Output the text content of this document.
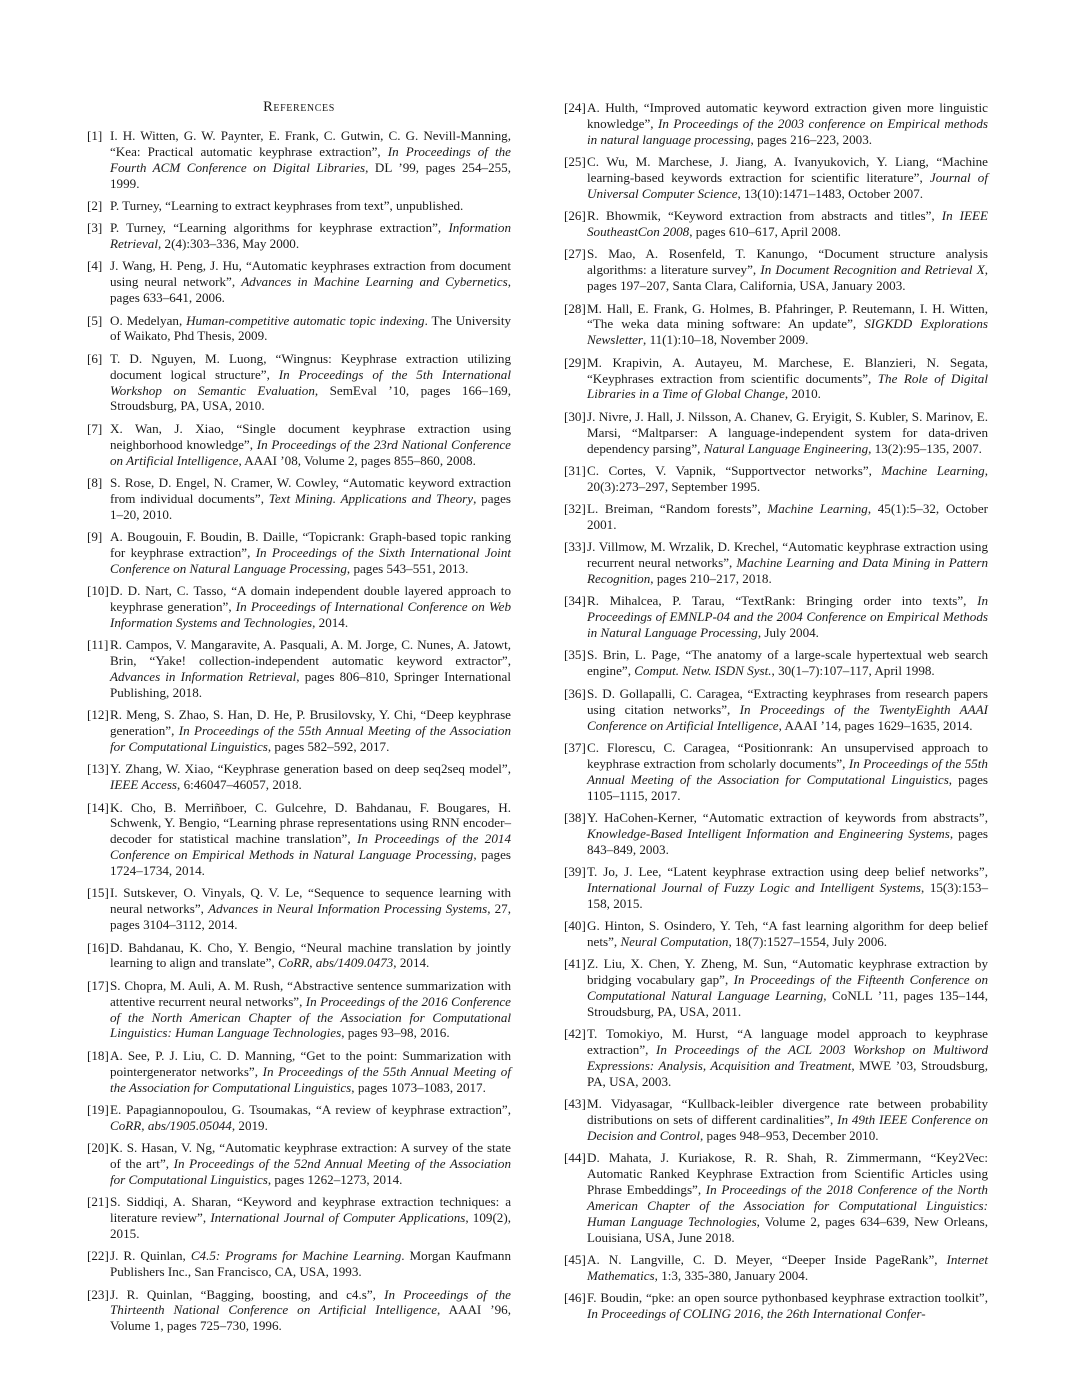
References
[1] I. H. Witten, G. W. Paynter, E. Frank, C. Gutwin, C. G. Nevill-Manning, “Kea: Practical automatic keyphrase extraction”, In Proceedings of the Fourth ACM Conference on Digital Libraries, DL ’99, pages 254–255, 1999.
[2] P. Turney, “Learning to extract keyphrases from text”, unpublished.
[3] P. Turney, “Learning algorithms for keyphrase extraction”, Information Retrieval, 2(4):303–336, May 2000.
[4] J. Wang, H. Peng, J. Hu, “Automatic keyphrases extraction from document using neural network”, Advances in Machine Learning and Cybernetics, pages 633–641, 2006.
[5] O. Medelyan, Human-competitive automatic topic indexing. The University of Waikato, Phd Thesis, 2009.
[6] T. D. Nguyen, M. Luong, “Wingnus: Keyphrase extraction utilizing document logical structure”, In Proceedings of the 5th International Workshop on Semantic Evaluation, SemEval ’10, pages 166–169, Stroudsburg, PA, USA, 2010.
[7] X. Wan, J. Xiao, “Single document keyphrase extraction using neighborhood knowledge”, In Proceedings of the 23rd National Conference on Artificial Intelligence, AAAI ’08, Volume 2, pages 855–860, 2008.
[8] S. Rose, D. Engel, N. Cramer, W. Cowley, “Automatic keyword extraction from individual documents”, Text Mining. Applications and Theory, pages 1–20, 2010.
[9] A. Bougouin, F. Boudin, B. Daille, “Topicrank: Graph-based topic ranking for keyphrase extraction”, In Proceedings of the Sixth International Joint Conference on Natural Language Processing, pages 543–551, 2013.
[10] D. D. Nart, C. Tasso, “A domain independent double layered approach to keyphrase generation”, In Proceedings of International Conference on Web Information Systems and Technologies, 2014.
[11] R. Campos, V. Mangaravite, A. Pasquali, A. M. Jorge, C. Nunes, A. Jatowt, Brin, “Yake! collection-independent automatic keyword extractor”, Advances in Information Retrieval, pages 806–810, Springer International Publishing, 2018.
[12] R. Meng, S. Zhao, S. Han, D. He, P. Brusilovsky, Y. Chi, “Deep keyphrase generation”, In Proceedings of the 55th Annual Meeting of the Association for Computational Linguistics, pages 582–592, 2017.
[13] Y. Zhang, W. Xiao, “Keyphrase generation based on deep seq2seq model”, IEEE Access, 6:46047–46057, 2018.
[14] K. Cho, B. Merriñboer, C. Gulcehre, D. Bahdanau, F. Bougares, H. Schwenk, Y. Bengio, “Learning phrase representations using RNN encoder–decoder for statistical machine translation”, In Proceedings of the 2014 Conference on Empirical Methods in Natural Language Processing, pages 1724–1734, 2014.
[15] I. Sutskever, O. Vinyals, Q. V. Le, “Sequence to sequence learning with neural networks”, Advances in Neural Information Processing Systems, 27, pages 3104–3112, 2014.
[16] D. Bahdanau, K. Cho, Y. Bengio, “Neural machine translation by jointly learning to align and translate”, CoRR, abs/1409.0473, 2014.
[17] S. Chopra, M. Auli, A. M. Rush, “Abstractive sentence summarization with attentive recurrent neural networks”, In Proceedings of the 2016 Conference of the North American Chapter of the Association for Computational Linguistics: Human Language Technologies, pages 93–98, 2016.
[18] A. See, P. J. Liu, C. D. Manning, “Get to the point: Summarization with pointergenerator networks”, In Proceedings of the 55th Annual Meeting of the Association for Computational Linguistics, pages 1073–1083, 2017.
[19] E. Papagiannopoulou, G. Tsoumakas, “A review of keyphrase extraction”, CoRR, abs/1905.05044, 2019.
[20] K. S. Hasan, V. Ng, “Automatic keyphrase extraction: A survey of the state of the art”, In Proceedings of the 52nd Annual Meeting of the Association for Computational Linguistics, pages 1262–1273, 2014.
[21] S. Siddiqi, A. Sharan, “Keyword and keyphrase extraction techniques: a literature review”, International Journal of Computer Applications, 109(2), 2015.
[22] J. R. Quinlan, C4.5: Programs for Machine Learning. Morgan Kaufmann Publishers Inc., San Francisco, CA, USA, 1993.
[23] J. R. Quinlan, “Bagging, boosting, and c4.s”, In Proceedings of the Thirteenth National Conference on Artificial Intelligence, AAAI ’96, Volume 1, pages 725–730, 1996.
[24] A. Hulth, “Improved automatic keyword extraction given more linguistic knowledge”, In Proceedings of the 2003 conference on Empirical methods in natural language processing, pages 216–223, 2003.
[25] C. Wu, M. Marchese, J. Jiang, A. Ivanyukovich, Y. Liang, “Machine learning-based keywords extraction for scientific literature”, Journal of Universal Computer Science, 13(10):1471–1483, October 2007.
[26] R. Bhowmik, “Keyword extraction from abstracts and titles”, In IEEE SoutheastCon 2008, pages 610–617, April 2008.
[27] S. Mao, A. Rosenfeld, T. Kanungo, “Document structure analysis algorithms: a literature survey”, In Document Recognition and Retrieval X, pages 197–207, Santa Clara, California, USA, January 2003.
[28] M. Hall, E. Frank, G. Holmes, B. Pfahringer, P. Reutemann, I. H. Witten, “The weka data mining software: An update”, SIGKDD Explorations Newsletter, 11(1):10–18, November 2009.
[29] M. Krapivin, A. Autayeu, M. Marchese, E. Blanzieri, N. Segata, “Keyphrases extraction from scientific documents”, The Role of Digital Libraries in a Time of Global Change, 2010.
[30] J. Nivre, J. Hall, J. Nilsson, A. Chanev, G. Eryigit, S. Kubler, S. Marinov, E. Marsi, “Maltparser: A language-independent system for data-driven dependency parsing”, Natural Language Engineering, 13(2):95–135, 2007.
[31] C. Cortes, V. Vapnik, “Supportvector networks”, Machine Learning, 20(3):273–297, September 1995.
[32] L. Breiman, “Random forests”, Machine Learning, 45(1):5–32, October 2001.
[33] J. Villmow, M. Wrzalik, D. Krechel, “Automatic keyphrase extraction using recurrent neural networks”, Machine Learning and Data Mining in Pattern Recognition, pages 210–217, 2018.
[34] R. Mihalcea, P. Tarau, “TextRank: Bringing order into texts”, In Proceedings of EMNLP-04 and the 2004 Conference on Empirical Methods in Natural Language Processing, July 2004.
[35] S. Brin, L. Page, “The anatomy of a large-scale hypertextual web search engine”, Comput. Netw. ISDN Syst., 30(1–7):107–117, April 1998.
[36] S. D. Gollapalli, C. Caragea, “Extracting keyphrases from research papers using citation networks”, In Proceedings of the TwentyEighth AAAI Conference on Artificial Intelligence, AAAI ’14, pages 1629–1635, 2014.
[37] C. Florescu, C. Caragea, “Positionrank: An unsupervised approach to keyphrase extraction from scholarly documents”, In Proceedings of the 55th Annual Meeting of the Association for Computational Linguistics, pages 1105–1115, 2017.
[38] Y. HaCohen-Kerner, “Automatic extraction of keywords from abstracts”, Knowledge-Based Intelligent Information and Engineering Systems, pages 843–849, 2003.
[39] T. Jo, J. Lee, “Latent keyphrase extraction using deep belief networks”, International Journal of Fuzzy Logic and Intelligent Systems, 15(3):153–158, 2015.
[40] G. Hinton, S. Osindero, Y. Teh, “A fast learning algorithm for deep belief nets”, Neural Computation, 18(7):1527–1554, July 2006.
[41] Z. Liu, X. Chen, Y. Zheng, M. Sun, “Automatic keyphrase extraction by bridging vocabulary gap”, In Proceedings of the Fifteenth Conference on Computational Natural Language Learning, CoNLL ’11, pages 135–144, Stroudsburg, PA, USA, 2011.
[42] T. Tomokiyo, M. Hurst, “A language model approach to keyphrase extraction”, In Proceedings of the ACL 2003 Workshop on Multiword Expressions: Analysis, Acquisition and Treatment, MWE ’03, Stroudsburg, PA, USA, 2003.
[43] M. Vidyasagar, “Kullback-leibler divergence rate between probability distributions on sets of different cardinalities”, In 49th IEEE Conference on Decision and Control, pages 948–953, December 2010.
[44] D. Mahata, J. Kuriakose, R. R. Shah, R. Zimmermann, “Key2Vec: Automatic Ranked Keyphrase Extraction from Scientific Articles using Phrase Embeddings”, In Proceedings of the 2018 Conference of the North American Chapter of the Association for Computational Linguistics: Human Language Technologies, Volume 2, pages 634–639, New Orleans, Louisiana, USA, June 2018.
[45] A. N. Langville, C. D. Meyer, “Deeper Inside PageRank”, Internet Mathematics, 1:3, 335-380, January 2004.
[46] F. Boudin, “pke: an open source pythonbased keyphrase extraction toolkit”, In Proceedings of COLING 2016, the 26th International Confer-
